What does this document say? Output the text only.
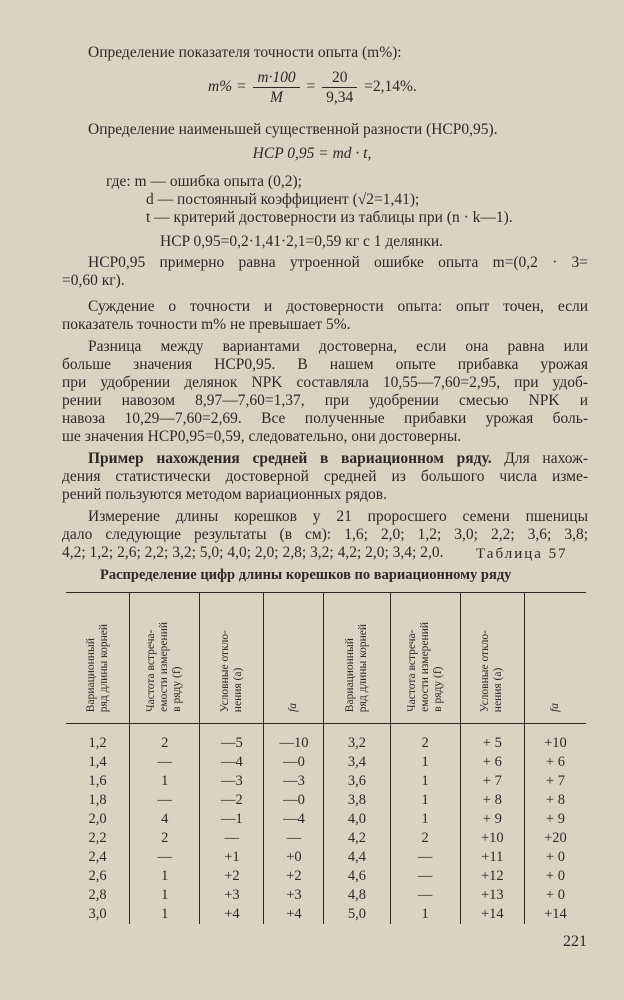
Определение показателя точности опыта (m%):
$m\% = \frac{m\cdot 100}{M} = \frac{20}{9,34} =2,14\%$.
Определение наименьшей существенной разности (НСР0,95).
HCP 0,95 = md · t,
где: m — ошибка опыта (0,2);
d — постоянный коэффициент (√2=1,41);
t — критерий достоверности из таблицы при (n · k—1).
HCP 0,95=0,2·1,41·2,1=0,59 кг с 1 делянки.
HCP0,95 примерно равна утроенной ошибке опыта m=(0,2 · 3=
=0,60 кг).
Суждение о точности и достоверности опыта: опыт точен, если
показатель точности m% не превышает 5%.
Разница между вариантами достоверна, если она равна или
больше значения НСР0,95. В нашем опыте прибавка урожая
при удобрении делянок NPK составляла 10,55—7,60=2,95, при удоб-
рении навозом 8,97—7,60=1,37, при удобрении смесью NPK и
навоза 10,29—7,60=2,69. Все полученные прибавки урожая боль-
ше значения НСР0,95=0,59, следовательно, они достоверны.
Пример нахождения средней в вариационном ряду. Для нахож-
дения статистически достоверной средней из большого числа изме-
рений пользуются методом вариационных рядов.
Измерение длины корешков у 21 проросшего семени пшеницы
дало следующие результаты (в см): 1,6; 2,0; 1,2; 3,0; 2,2; 3,6; 3,8;
4,2; 1,2; 2,6; 2,2; 3,2; 5,0; 4,0; 2,0; 2,8; 3,2; 4,2; 2,0; 3,4; 2,0. Таблица 57
Распределение цифр длины корешков по вариационному ряду
Вариационный
ряд длины корней	Частота встреча-
емости измерений
в ряду (f)	Условные откло-
нения (a)	fa	Вариационный
ряд длины корней	Частота встреча-
емости измерений
в ряду (f)	Условные откло-
нения (a)	fa
1,2	2	—5	—10	3,2	2	+ 5	+10
1,4	—	—4	—0	3,4	1	+ 6	+ 6
1,6	1	—3	—3	3,6	1	+ 7	+ 7
1,8	—	—2	—0	3,8	1	+ 8	+ 8
2,0	4	—1	—4	4,0	1	+ 9	+ 9
2,2	2	—	—	4,2	2	+10	+20
2,4	—	+1	+0	4,4	—	+11	+ 0
2,6	1	+2	+2	4,6	—	+12	+ 0
2,8	1	+3	+3	4,8	—	+13	+ 0
3,0	1	+4	+4	5,0	1	+14	+14
221
